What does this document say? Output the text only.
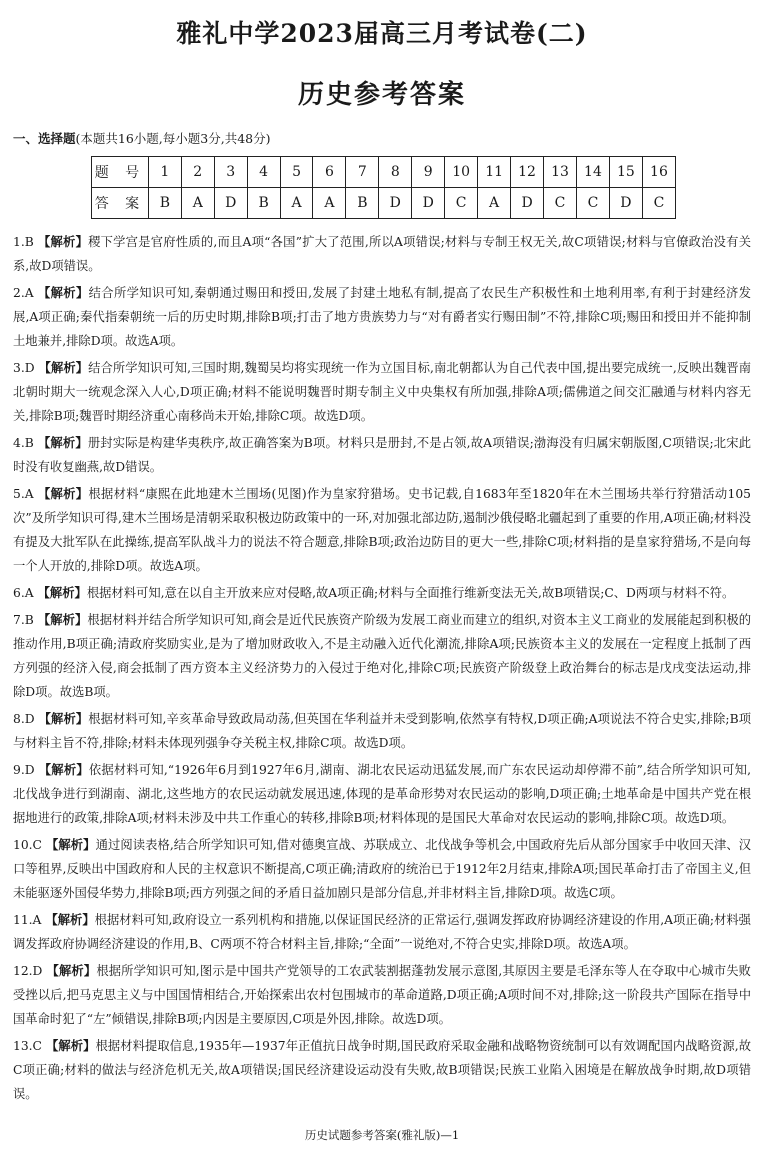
雅礼中学2023届高三月考试卷(二)
历史参考答案
一、选择题(本题共16小题,每小题3分,共48分)
题 号	1	2	3	4	5	6	7	8	9	10	11	12	13	14	15	16
答 案	B	A	D	B	A	A	B	D	D	C	A	D	C	C	D	C
1.B 【解析】稷下学宫是官府性质的,而且A项“各国”扩大了范围,所以A项错误;材料与专制王权无关,故C项错误;材料与官僚政治没有关系,故D项错误。
2.A 【解析】结合所学知识可知,秦朝通过赐田和授田,发展了封建土地私有制,提高了农民生产积极性和土地利用率,有利于封建经济发展,A项正确;秦代指秦朝统一后的历史时期,排除B项;打击了地方贵族势力与“对有爵者实行赐田制”不符,排除C项;赐田和授田并不能抑制土地兼并,排除D项。故选A项。
3.D 【解析】结合所学知识可知,三国时期,魏蜀吴均将实现统一作为立国目标,南北朝都认为自己代表中国,提出要完成统一,反映出魏晋南北朝时期大一统观念深入人心,D项正确;材料不能说明魏晋时期专制主义中央集权有所加强,排除A项;儒佛道之间交汇融通与材料内容无关,排除B项;魏晋时期经济重心南移尚未开始,排除C项。故选D项。
4.B 【解析】册封实际是构建华夷秩序,故正确答案为B项。材料只是册封,不是占领,故A项错误;渤海没有归属宋朝版图,C项错误;北宋此时没有收复幽燕,故D错误。
5.A 【解析】根据材料“康熙在此地建木兰围场(见图)作为皇家狩猎场。史书记载,自1683年至1820年在木兰围场共举行狩猎活动105次”及所学知识可得,建木兰围场是清朝采取积极边防政策中的一环,对加强北部边防,遏制沙俄侵略北疆起到了重要的作用,A项正确;材料没有提及大批军队在此操练,提高军队战斗力的说法不符合题意,排除B项;政治边防目的更大一些,排除C项;材料指的是皇家狩猎场,不是向每一个人开放的,排除D项。故选A项。
6.A 【解析】根据材料可知,意在以自主开放来应对侵略,故A项正确;材料与全面推行维新变法无关,故B项错误;C、D两项与材料不符。
7.B 【解析】根据材料并结合所学知识可知,商会是近代民族资产阶级为发展工商业而建立的组织,对资本主义工商业的发展能起到积极的推动作用,B项正确;清政府奖励实业,是为了增加财政收入,不是主动融入近代化潮流,排除A项;民族资本主义的发展在一定程度上抵制了西方列强的经济入侵,商会抵制了西方资本主义经济势力的入侵过于绝对化,排除C项;民族资产阶级登上政治舞台的标志是戊戌变法运动,排除D项。故选B项。
8.D 【解析】根据材料可知,辛亥革命导致政局动荡,但英国在华利益并未受到影响,依然享有特权,D项正确;A项说法不符合史实,排除;B项与材料主旨不符,排除;材料未体现列强争夺关税主权,排除C项。故选D项。
9.D 【解析】依据材料可知,“1926年6月到1927年6月,湖南、湖北农民运动迅猛发展,而广东农民运动却停滞不前”,结合所学知识可知,北伐战争进行到湖南、湖北,这些地方的农民运动就发展迅速,体现的是革命形势对农民运动的影响,D项正确;土地革命是中国共产党在根据地进行的政策,排除A项;材料未涉及中共工作重心的转移,排除B项;材料体现的是国民大革命对农民运动的影响,排除C项。故选D项。
10.C 【解析】通过阅读表格,结合所学知识可知,借对德奥宣战、苏联成立、北伐战争等机会,中国政府先后从部分国家手中收回天津、汉口等租界,反映出中国政府和人民的主权意识不断提高,C项正确;清政府的统治已于1912年2月结束,排除A项;国民革命打击了帝国主义,但未能驱逐外国侵华势力,排除B项;西方列强之间的矛盾日益加剧只是部分信息,并非材料主旨,排除D项。故选C项。
11.A 【解析】根据材料可知,政府设立一系列机构和措施,以保证国民经济的正常运行,强调发挥政府协调经济建设的作用,A项正确;材料强调发挥政府协调经济建设的作用,B、C两项不符合材料主旨,排除;“全面”一说绝对,不符合史实,排除D项。故选A项。
12.D 【解析】根据所学知识可知,图示是中国共产党领导的工农武装割据蓬勃发展示意图,其原因主要是毛泽东等人在夺取中心城市失败受挫以后,把马克思主义与中国国情相结合,开始探索出农村包围城市的革命道路,D项正确;A项时间不对,排除;这一阶段共产国际在指导中国革命时犯了“左”倾错误,排除B项;内因是主要原因,C项是外因,排除。故选D项。
13.C 【解析】根据材料提取信息,1935年—1937年正值抗日战争时期,国民政府采取金融和战略物资统制可以有效调配国内战略资源,故C项正确;材料的做法与经济危机无关,故A项错误;国民经济建设运动没有失败,故B项错误;民族工业陷入困境是在解放战争时期,故D项错误。
历史试题参考答案(雅礼版)—1
